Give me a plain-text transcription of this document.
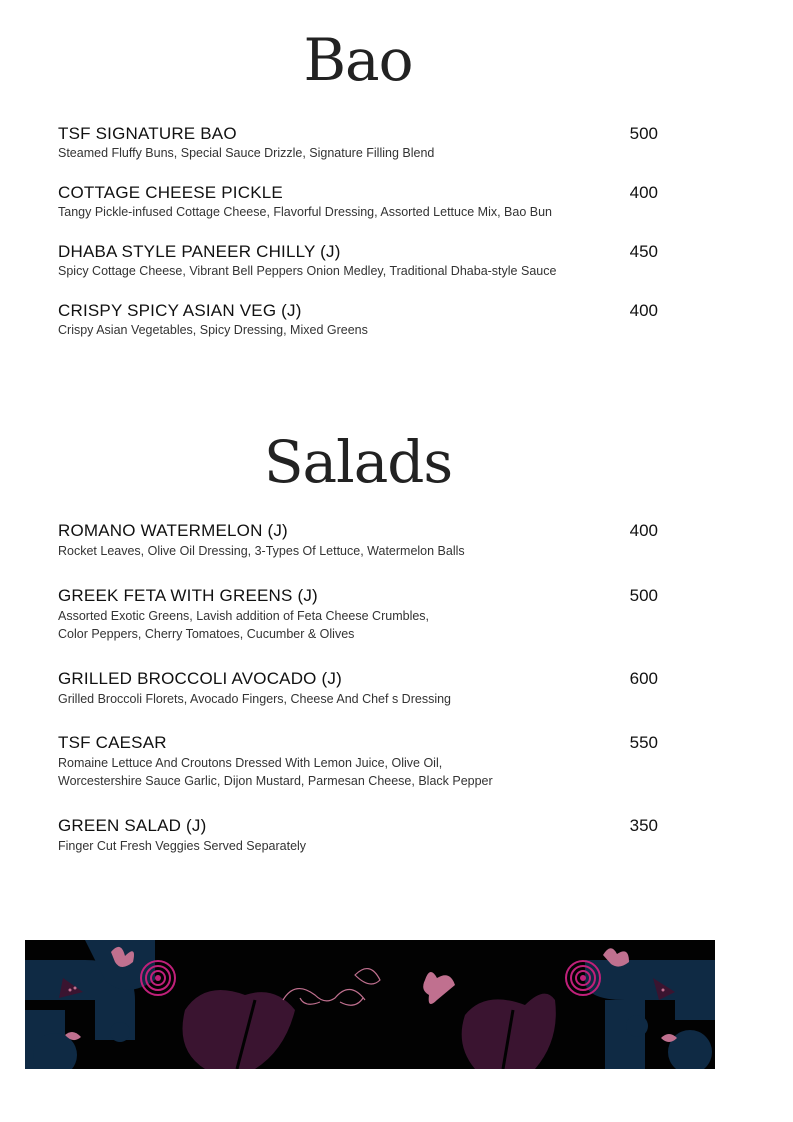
Bao
TSF SIGNATURE BAO	500
Steamed Fluffy Buns, Special Sauce Drizzle, Signature Filling Blend
COTTAGE CHEESE PICKLE	400
Tangy Pickle-infused Cottage Cheese, Flavorful Dressing, Assorted Lettuce Mix, Bao Bun
DHABA STYLE PANEER CHILLY (J)	450
Spicy Cottage Cheese, Vibrant Bell Peppers Onion Medley, Traditional Dhaba-style Sauce
CRISPY SPICY ASIAN VEG (J)	400
Crispy Asian Vegetables, Spicy Dressing, Mixed Greens
Salads
ROMANO WATERMELON (J)	400
Rocket Leaves, Olive Oil Dressing, 3-Types Of Lettuce, Watermelon Balls
GREEK FETA WITH GREENS (J)	500
Assorted Exotic Greens, Lavish addition of Feta Cheese Crumbles,
Color Peppers, Cherry Tomatoes, Cucumber & Olives
GRILLED BROCCOLI AVOCADO (J)	600
Grilled Broccoli Florets, Avocado Fingers, Cheese And Chef s Dressing
TSF CAESAR	550
Romaine Lettuce And Croutons Dressed With Lemon Juice, Olive Oil,
Worcestershire Sauce Garlic, Dijon Mustard, Parmesan Cheese, Black Pepper
GREEN SALAD (J)	350
Finger Cut Fresh Veggies Served Separately
